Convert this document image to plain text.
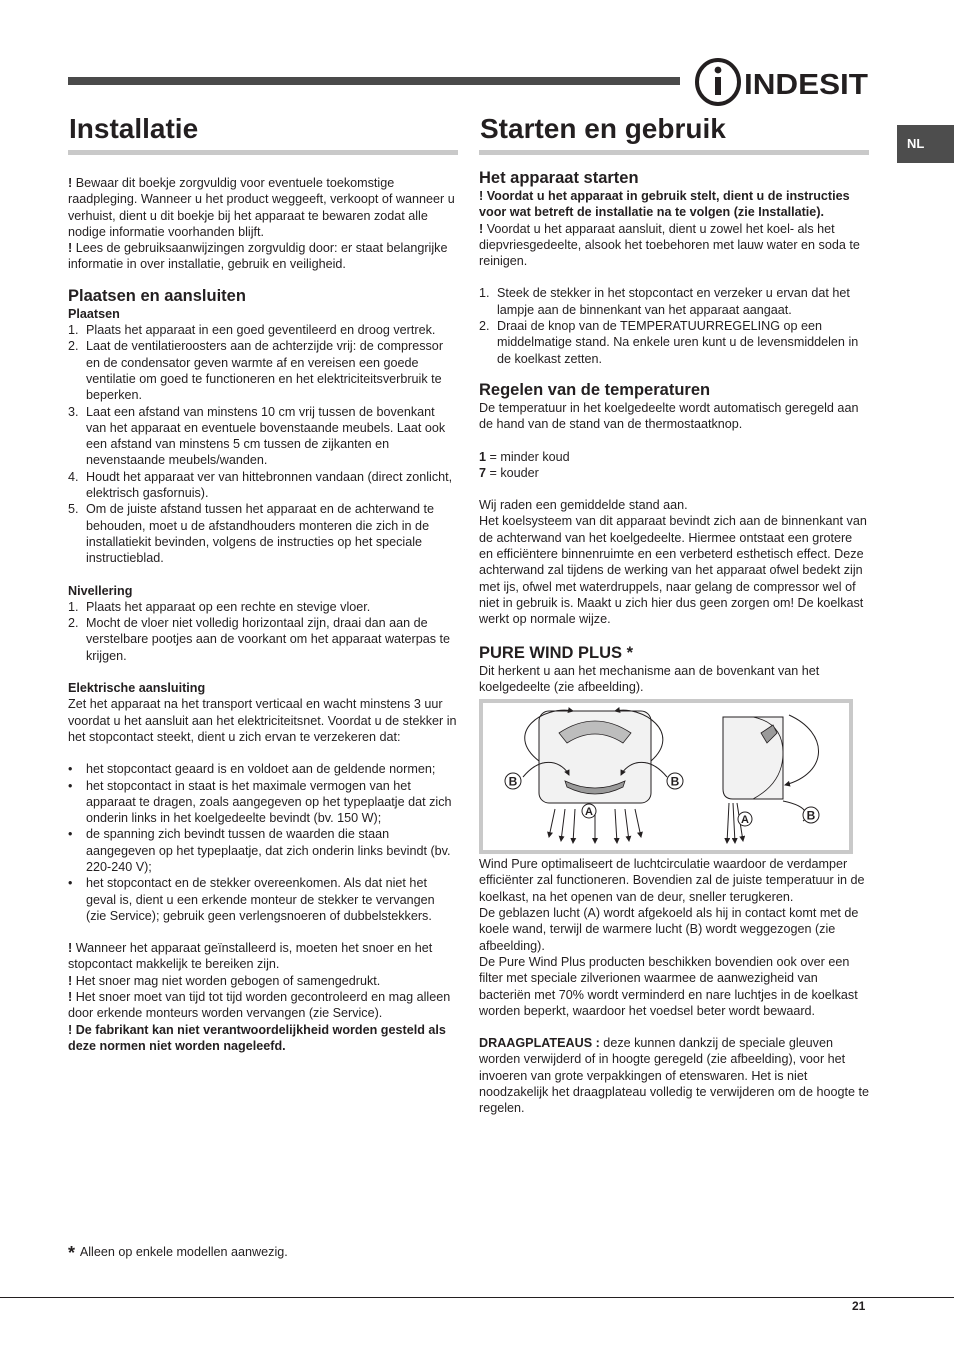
INDESIT
NL
Installatie

! Bewaar dit boekje zorgvuldig voor eventuele toekomstige raadpleging. Wanneer u het product weggeeft, verkoopt of wanneer u verhuist, dient u dit boekje bij het apparaat te bewaren zodat alle nodige informatie voorhanden blijft.

! Lees de gebruiksaanwijzingen zorgvuldig door: er staat belangrijke informatie in over installatie, gebruik en veiligheid.

Plaatsen en aansluiten
Plaatsen
1. Plaats het apparaat in een goed geventileerd en droog vertrek.
2. Laat de ventilatieroosters aan de achterzijde vrij: de compressor en de condensator geven warmte af en vereisen een goede ventilatie om goed te functioneren en het elektriciteitsverbruik te beperken.
3. Laat een afstand van minstens 10 cm vrij tussen de bovenkant van het apparaat en eventuele bovenstaande meubels. Laat ook een afstand van minstens 5 cm tussen de zijkanten en nevenstaande meubels/wanden.
4. Houdt het apparaat ver van hittebronnen vandaan (direct zonlicht, elektrisch gasfornuis).
5. Om de juiste afstand tussen het apparaat en de achterwand te behouden, moet u de afstandhouders monteren die zich in de installatiekit bevinden, volgens de instructies op het speciale instructieblad.
Nivellering
1. Plaats het apparaat op een rechte en stevige vloer.
2. Mocht de vloer niet volledig horizontaal zijn, draai dan aan de verstelbare pootjes aan de voorkant om het apparaat waterpas te krijgen.
Elektrische aansluiting

Zet het apparaat na het transport verticaal en wacht minstens 3 uur voordat u het aansluit aan het elektriciteitsnet. Voordat u de stekker in het stopcontact steekt, dient u zich ervan te verzekeren dat:

• het stopcontact geaard is en voldoet aan de geldende normen;
• het stopcontact in staat is het maximale vermogen van het apparaat te dragen, zoals aangegeven op het typeplaatje dat zich onderin links in het koelgedeelte bevindt (bv. 150 W);
• de spanning zich bevindt tussen de waarden die staan aangegeven op het typeplaatje, dat zich onderin links bevindt (bv. 220-240 V);
• het stopcontact en de stekker overeenkomen. Als dat niet het geval is, dient u een erkende monteur de stekker te vervangen (zie Service); gebruik geen verlengsnoeren of dubbelstekkers.

! Wanneer het apparaat geïnstalleerd is, moeten het snoer en het stopcontact makkelijk te bereiken zijn.

! Het snoer mag niet worden gebogen of samengedrukt.

! Het snoer moet van tijd tot tijd worden gecontroleerd en mag alleen door erkende monteurs worden vervangen (zie Service).

! De fabrikant kan niet verantwoordelijkheid worden gesteld als deze normen niet worden nageleefd.

Starten en gebruik
Het apparaat starten

! Voordat u het apparaat in gebruik stelt, dient u de instructies voor wat betreft de installatie na te volgen (zie Installatie).

! Voordat u het apparaat aansluit, dient u zowel het koel- als het diepvriesgedeelte, alsook het toebehoren met lauw water en soda te reinigen.

1. Steek de stekker in het stopcontact en verzeker u ervan dat het lampje aan de binnenkant van het apparaat aangaat.
2. Draai de knop van de TEMPERATUURREGELING op een middelmatige stand. Na enkele uren kunt u de levensmiddelen in de koelkast zetten.
Regelen van de temperaturen

De temperatuur in het koelgedeelte wordt automatisch geregeld aan de hand van de stand van de thermostaatknop.

1 = minder koud

7 = kouder

Wij raden een gemiddelde stand aan.

Het koelsysteem van dit apparaat bevindt zich aan de binnenkant van de achterwand van het koelgedeelte. Hiermee ontstaat een grotere en efficiëntere binnenruimte en een verbeterd esthetisch effect. Deze achterwand zal tijdens de werking van het apparaat ofwel bedekt zijn met ijs, ofwel met waterdruppels, naar gelang de compressor wel of niet in gebruik is. Maakt u zich hier dus geen zorgen om! De koelkast werkt op normale wijze.

PURE WIND PLUS *

Dit herkent u aan het mechanisme aan de bovenkant van het koelgedeelte (zie afbeelding).

B	B
A
A	B

Wind Pure optimaliseert de luchtcirculatie waardoor de verdamper efficiënter zal functioneren. Bovendien zal de juiste temperatuur in de koelkast, na het openen van de deur, sneller terugkeren.

De geblazen lucht (A) wordt afgekoeld als hij in contact komt met de koele wand, terwijl de warmere lucht (B) wordt weggezogen (zie afbeelding).

De Pure Wind Plus producten beschikken bovendien ook over een filter met speciale zilverionen waarmee de aanwezigheid van bacteriën met 70% wordt verminderd en nare luchtjes in de koelkast worden beperkt, waardoor het voedsel beter wordt bewaard.

DRAAGPLATEAUS : deze kunnen dankzij de speciale gleuven worden verwijderd of in hoogte geregeld (zie afbeelding), voor het invoeren van grote verpakkingen of etenswaren. Het is niet noodzakelijk het draagplateau volledig te verwijderen om de hoogte te regelen.

* Alleen op enkele modellen aanwezig.
21
